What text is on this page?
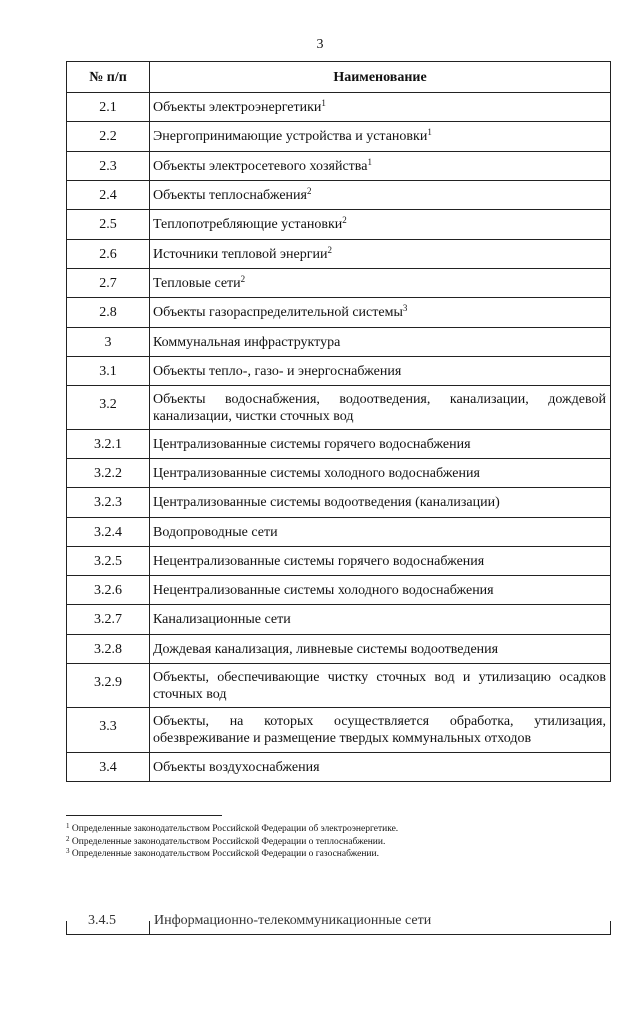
3
№ п/п	Наименование
2.1	Объекты электроэнергетики$^1$
2.2	Энергопринимающие устройства и установки$^1$
2.3	Объекты электросетевого хозяйства$^1$
2.4	Объекты теплоснабжения$^2$
2.5	Теплопотребляющие установки$^2$
2.6	Источники тепловой энергии$^2$
2.7	Тепловые сети$^2$
2.8	Объекты газораспределительной системы$^3$
3	Коммунальная инфраструктура
3.1	Объекты тепло-, газо- и энергоснабжения
3.2	Объекты водоснабжения, водоотведения, канализации, дождевой канализации, чистки сточных вод
3.2.1	Централизованные системы горячего водоснабжения
3.2.2	Централизованные системы холодного водоснабжения
3.2.3	Централизованные системы водоотведения (канализации)
3.2.4	Водопроводные сети
3.2.5	Нецентрализованные системы горячего водоснабжения
3.2.6	Нецентрализованные системы холодного водоснабжения
3.2.7	Канализационные сети
3.2.8	Дождевая канализация, ливневые системы водоотведения
3.2.9	Объекты, обеспечивающие чистку сточных вод и утилизацию осадков сточных вод
3.3	Объекты, на которых осуществляется обработка, утилизация, обезвреживание и размещение твердых коммунальных отходов
3.4	Объекты воздухоснабжения
$^1$ Определенные законодательством Российской Федерации об электроэнергетике.
$^2$ Определенные законодательством Российской Федерации о теплоснабжении.
$^3$ Определенные законодательством Российской Федерации о газоснабжении.
3.4.5	Информационно-телекоммуникационные сети
